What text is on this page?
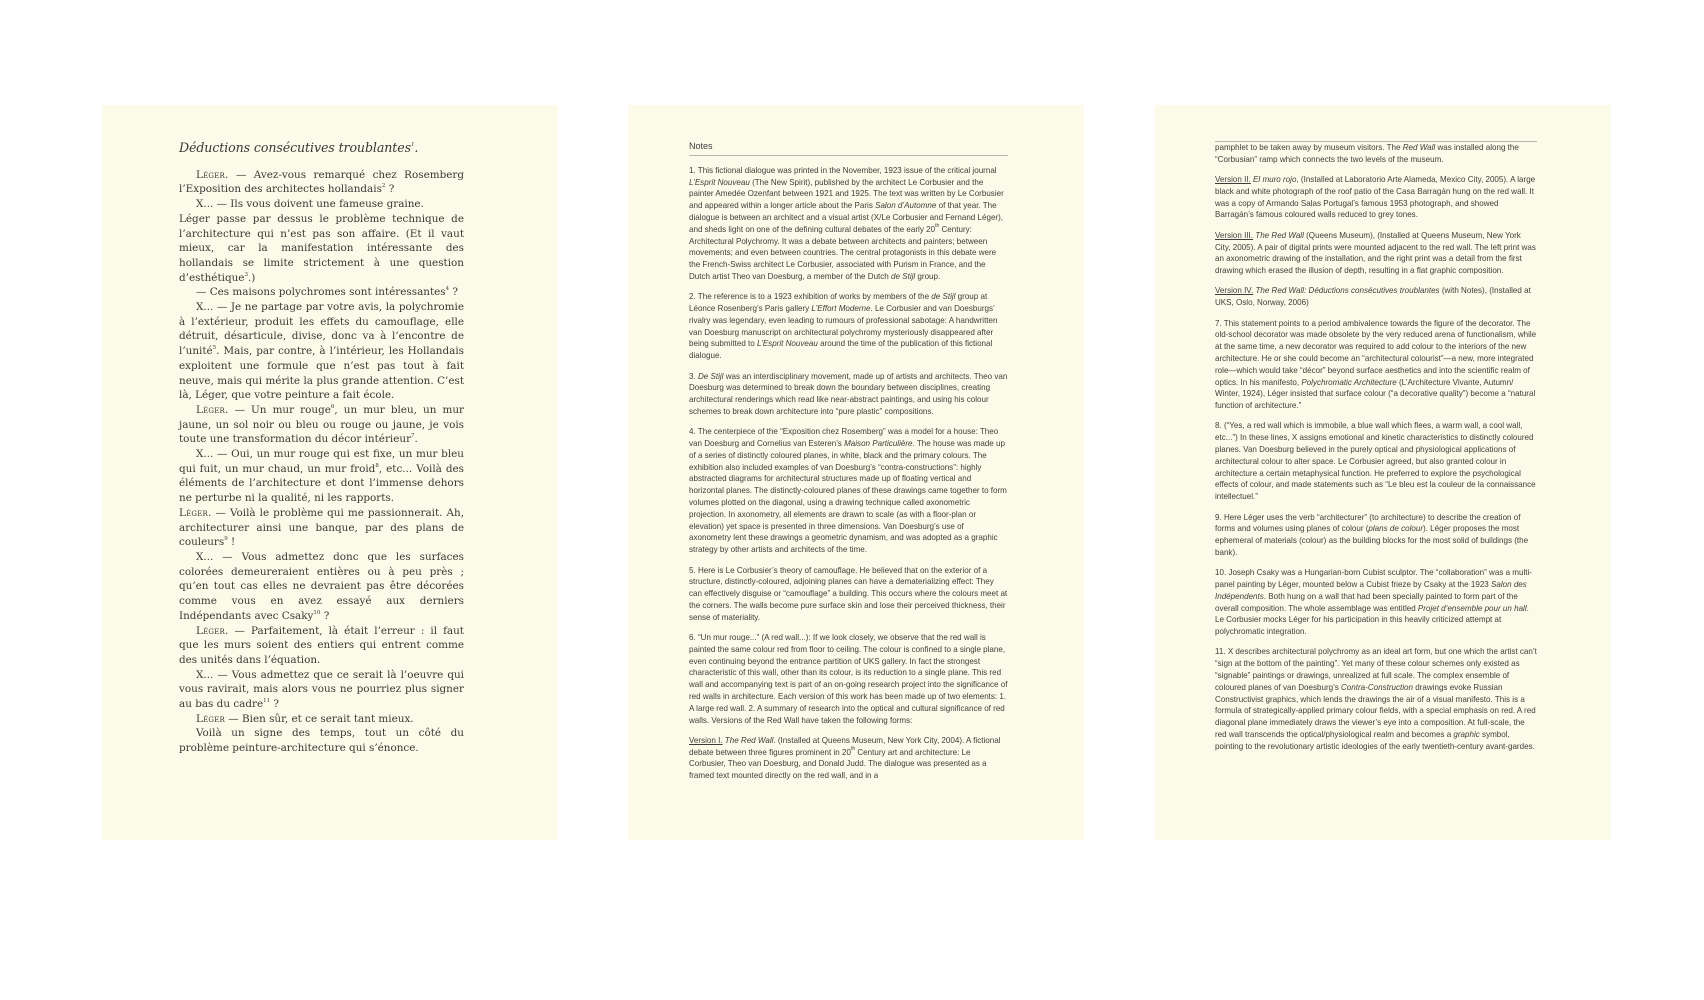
Déductions consécutives troublantes$^1$.

Léger. — Avez-vous remarqué chez Rosemberg l’Exposition des architectes hollandais$^2$ ?

X... — Ils vous doivent une fameuse graine.

Léger passe par dessus le problème technique de l’architecture qui n’est pas son affaire. (Et il vaut mieux, car la manifestation intéressante des hollandais se limite strictement à une question d’esthétique$^3$.)

— Ces maisons polychromes sont intéressantes$^4$ ?

X... — Je ne partage par votre avis, la polychromie à l’extérieur, produit les effets du camouflage, elle détruit, désarticule, divise, donc va à l’encontre de l’unité$^5$. Mais, par contre, à l’intérieur, les Hollandais exploitent une formule que n’est pas tout à fait neuve, mais qui mérite la plus grande attention. C’est là, Léger, que votre peinture a fait école.

Léger. — Un mur rouge$^6$, un mur bleu, un mur jaune, un sol noir ou bleu ou rouge ou jaune, je vois toute une transformation du décor intérieur$^7$.

X... — Oui, un mur rouge qui est fixe, un mur bleu qui fuit, un mur chaud, un mur froid$^8$, etc... Voilà des éléments de l’architecture et dont l’immense dehors ne perturbe ni la qualité, ni les rapports.

Léger. — Voilà le problème qui me passionnerait. Ah, architecturer ainsi une banque, par des plans de couleurs$^9$ !

X... — Vous admettez donc que les surfaces colorées demeureraient entières ou à peu près ; qu’en tout cas elles ne devraient pas être décorées comme vous en avez essayé aux derniers Indépendants avec Csaky$^{10}$ ?

Léger. — Parfaitement, là était l’erreur : il faut que les murs soient des entiers qui entrent comme des unités dans l’équation.

X... — Vous admettez que ce serait là l’oeuvre qui vous ravirait, mais alors vous ne pourriez plus signer au bas du cadre$^{11}$ ?

Léger — Bien sûr, et ce serait tant mieux.

Voilà un signe des temps, tout un côté du problème peinture-architecture qui s’énonce.

Notes

1. This fictional dialogue was printed in the November, 1923 issue of the critical journal L’Esprit Nouveau (The New Spirit), published by the architect Le Corbusier and the painter Amedée Ozenfant between 1921 and 1925. The text was written by Le Corbusier and appeared within a longer article about the Paris Salon d’Automne of that year. The dialogue is between an architect and a visual artist (X/Le Corbusier and Fernand Léger), and sheds light on one of the defining cultural debates of the early 20th Century: Architectural Polychromy. It was a debate between architects and painters; between movements; and even between countries. The central protagonists in this debate were the French-Swiss architect Le Corbusier, associated with Purism in France, and the Dutch artist Theo van Doesburg, a member of the Dutch de Stijl group.

2. The reference is to a 1923 exhibition of works by members of the de Stijl group at Léonce Rosenberg’s Paris gallery L’Effort Moderne. Le Corbusier and van Doesburgs’ rivalry was legendary, even leading to rumours of professional sabotage: A handwritten van Doesburg manuscript on architectural polychromy mysteriously disappeared after being submitted to L’Esprit Nouveau around the time of the publication of this fictional dialogue.

3. De Stijl was an interdisciplinary movement, made up of artists and architects. Theo van Doesburg was determined to break down the boundary between disciplines, creating architectural renderings which read like near-abstract paintings, and using his colour schemes to break down architecture into “pure plastic” compositions.

4. The centerpiece of the “Exposition chez Rosemberg” was a model for a house: Theo van Doesburg and Cornelius van Esteren’s Maison Particulière. The house was made up of a series of distinctly coloured planes, in white, black and the primary colours. The exhibition also included examples of van Doesburg’s “contra-constructions”: highly abstracted diagrams for architectural structures made up of floating vertical and horizontal planes. The distinctly-coloured planes of these drawings came together to form volumes plotted on the diagonal, using a drawing technique called axonometric projection. In axonometry, all elements are drawn to scale (as with a floor-plan or elevation) yet space is presented in three dimensions. Van Doesburg’s use of axonometry lent these drawings a geometric dynamism, and was adopted as a graphic strategy by other artists and architects of the time.

5. Here is Le Corbusier’s theory of camouflage. He believed that on the exterior of a structure, distinctly-coloured, adjoining planes can have a dematerializing effect: They can effectively disguise or “camouflage” a building. This occurs where the colours meet at the corners. The walls become pure surface skin and lose their perceived thickness, their sense of materiality.

6. “Un mur rouge...” (A red wall...): If we look closely, we observe that the red wall is painted the same colour red from floor to ceiling. The colour is confined to a single plane, even continuing beyond the entrance partition of UKS gallery. In fact the strongest characteristic of this wall, other than its colour, is its reduction to a single plane. This red wall and accompanying text is part of an on-going research project into the significance of red walls in architecture. Each version of this work has been made up of two elements: 1. A large red wall. 2. A summary of research into the optical and cultural significance of red walls. Versions of the Red Wall have taken the following forms:

Version I. The Red Wall. (Installed at Queens Museum, New York City, 2004). A fictional debate between three figures prominent in 20th Century art and architecture: Le Corbusier, Theo van Doesburg, and Donald Judd. The dialogue was presented as a framed text mounted directly on the red wall, and in a

pamphlet to be taken away by museum visitors. The Red Wall was installed along the “Corbusian” ramp which connects the two levels of the museum.

Version II. El muro rojo, (Installed at Laboratorio Arte Alameda, Mexico City, 2005). A large black and white photograph of the roof patio of the Casa Barragán hung on the red wall. It was a copy of Armando Salas Portugal’s famous 1953 photograph, and showed Barragán’s famous coloured walls reduced to grey tones.

Version III. The Red Wall (Queens Museum), (Installed at Queens Museum, New York City, 2005). A pair of digital prints were mounted adjacent to the red wall. The left print was an axonometric drawing of the installation, and the right print was a detail from the first drawing which erased the illusion of depth, resulting in a flat graphic composition.

Version IV. The Red Wall: Déductions consécutives troublantes (with Notes), (Installed at UKS, Oslo, Norway, 2006)

7. This statement points to a period ambivalence towards the figure of the decorator. The old-school decorator was made obsolete by the very reduced arena of functionalism, while at the same time, a new decorator was required to add colour to the interiors of the new architecture. He or she could become an “architectural colourist”—a new, more integrated role—which would take “décor” beyond surface aesthetics and into the scientific realm of optics. In his manifesto, Polychromatic Architecture (L’Architecture Vivante, Autumn/ Winter, 1924), Léger insisted that surface colour (“a decorative quality”) become a “natural function of architecture.”

8. (“Yes, a red wall which is immobile, a blue wall which flees, a warm wall, a cool wall, etc...”) In these lines, X assigns emotional and kinetic characteristics to distinctly coloured planes. Van Doesburg believed in the purely optical and physiological applications of architectural colour to alter space. Le Corbusier agreed, but also granted colour in architecture a certain metaphysical function. He preferred to explore the psychological effects of colour, and made statements such as “Le bleu est la couleur de la connaissance intellectuel.”

9. Here Léger uses the verb “architecturer” (to architecture) to describe the creation of forms and volumes using planes of colour (plans de colour). Léger proposes the most ephemeral of materials (colour) as the building blocks for the most solid of buildings (the bank).

10. Joseph Csaky was a Hungarian-born Cubist sculptor. The “collaboration” was a multi-panel painting by Léger, mounted below a Cubist frieze by Csaky at the 1923 Salon des Indépendents. Both hung on a wall that had been specially painted to form part of the overall composition. The whole assemblage was entitled Projet d’ensemble pour un hall. Le Corbusier mocks Léger for his participation in this heavily criticized attempt at polychromatic integration.

11. X describes architectural polychromy as an ideal art form, but one which the artist can’t “sign at the bottom of the painting”. Yet many of these colour schemes only existed as “signable” paintings or drawings, unrealized at full scale. The complex ensemble of coloured planes of van Doesburg’s Contra-Construction drawings evoke Russian Constructivist graphics, which lends the drawings the air of a visual manifesto. This is a formula of strategically-applied primary colour fields, with a special emphasis on red. A red diagonal plane immediately draws the viewer’s eye into a composition. At full-scale, the red wall transcends the optical/physiological realm and becomes a graphic symbol, pointing to the revolutionary artistic ideologies of the early twentieth-century avant-gardes.
